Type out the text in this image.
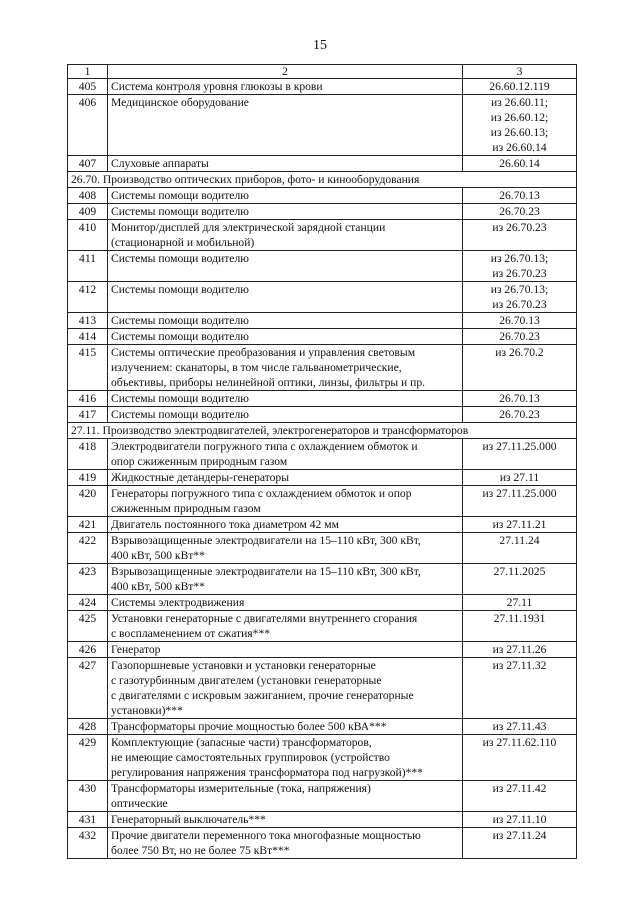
15
1	2	3
405	Система контроля уровня глюкозы в крови	26.60.12.119

406	Медицинское оборудование	из 26.60.11;
из 26.60.12;
из 26.60.13;
из 26.60.14

407	Слуховые аппараты	26.60.14

26.70. Производство оптических приборов, фото- и кинооборудования		
408	Системы помощи водителю	26.70.13

409	Системы помощи водителю	26.70.23

410	Монитор/дисплей для электрической зарядной станции
(стационарной и мобильной)	из 26.70.23

411	Системы помощи водителю	из 26.70.13;
из 26.70.23

412	Системы помощи водителю	из 26.70.13;
из 26.70.23

413	Системы помощи водителю	26.70.13

414	Системы помощи водителю	26.70.23

415	Системы оптические преобразования и управления световым
излучением: сканаторы, в том числе гальванометрические,
объективы, приборы нелинейной оптики, линзы, фильтры и пр.	из 26.70.2

416	Системы помощи водителю	26.70.13

417	Системы помощи водителю	26.70.23

27.11. Производство электродвигателей, электрогенераторов и трансформаторов		
418	Электродвигатели погружного типа с охлаждением обмоток и
опор сжиженным природным газом	из 27.11.25.000

419	Жидкостные детандеры-генераторы	из 27.11

420	Генераторы погружного типа с охлаждением обмоток и опор
сжиженным природным газом	из 27.11.25.000

421	Двигатель постоянного тока диаметром 42 мм	из 27.11.21

422	Взрывозащищенные электродвигатели на 15–110 кВт, 300 кВт,
400 кВт, 500 кВт**	27.11.24

423	Взрывозащищенные электродвигатели на 15–110 кВт, 300 кВт,
400 кВт, 500 кВт**	27.11.2025

424	Системы электродвижения	27.11

425	Установки генераторные с двигателями внутреннего сгорания
с воспламенением от сжатия***	27.11.1931

426	Генератор	из 27.11.26

427	Газопоршневые установки и установки генераторные
с газотурбинным двигателем (установки генераторные
с двигателями с искровым зажиганием, прочие генераторные
установки)***	из 27.11.32

428	Трансформаторы прочие мощностью более 500 кВА***	из 27.11.43

429	Комплектующие (запасные части) трансформаторов,
не имеющие самостоятельных группировок (устройство
регулирования напряжения трансформатора под нагрузкой)***	из 27.11.62.110

430	Трансформаторы измерительные (тока, напряжения)
оптические	из 27.11.42

431	Генераторный выключатель***	из 27.11.10

432	Прочие двигатели переменного тока многофазные мощностью
более 750 Вт, но не более 75 кВт***	из 27.11.24
